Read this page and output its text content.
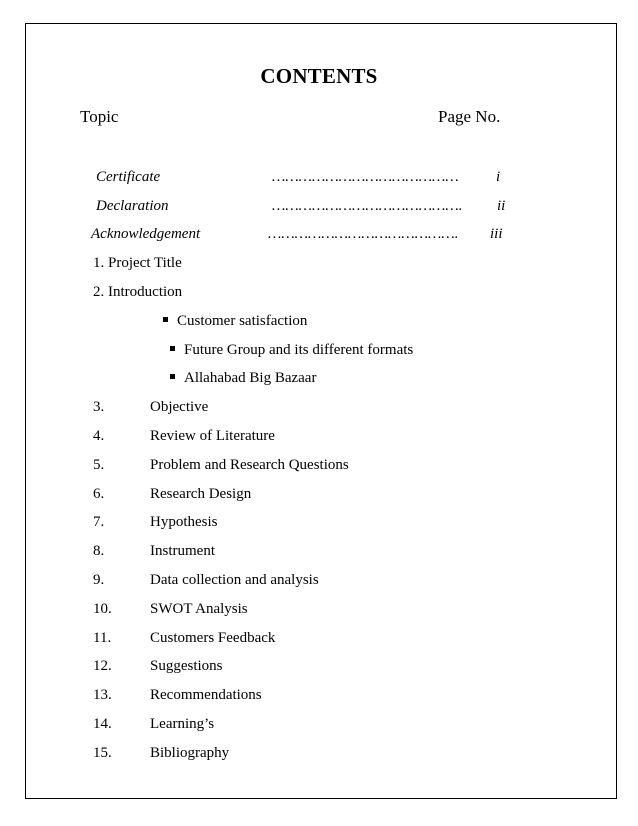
CONTENTS
Topic	Page No.
Certificate	…………………………………… i
Declaration	……………………………………. ii
Acknowledgement	……………………………………. iii
1. Project Title
2. Introduction
Customer satisfaction
Future Group and its different formats
Allahabad Big Bazaar
3.	Objective
4.	Review of Literature
5.	Problem and Research Questions
6.	Research Design
7.	Hypothesis
8.	Instrument
9.	Data collection and analysis
10.	SWOT Analysis
11.	Customers Feedback
12.	Suggestions
13.	Recommendations
14.	Learning’s
15.	Bibliography
